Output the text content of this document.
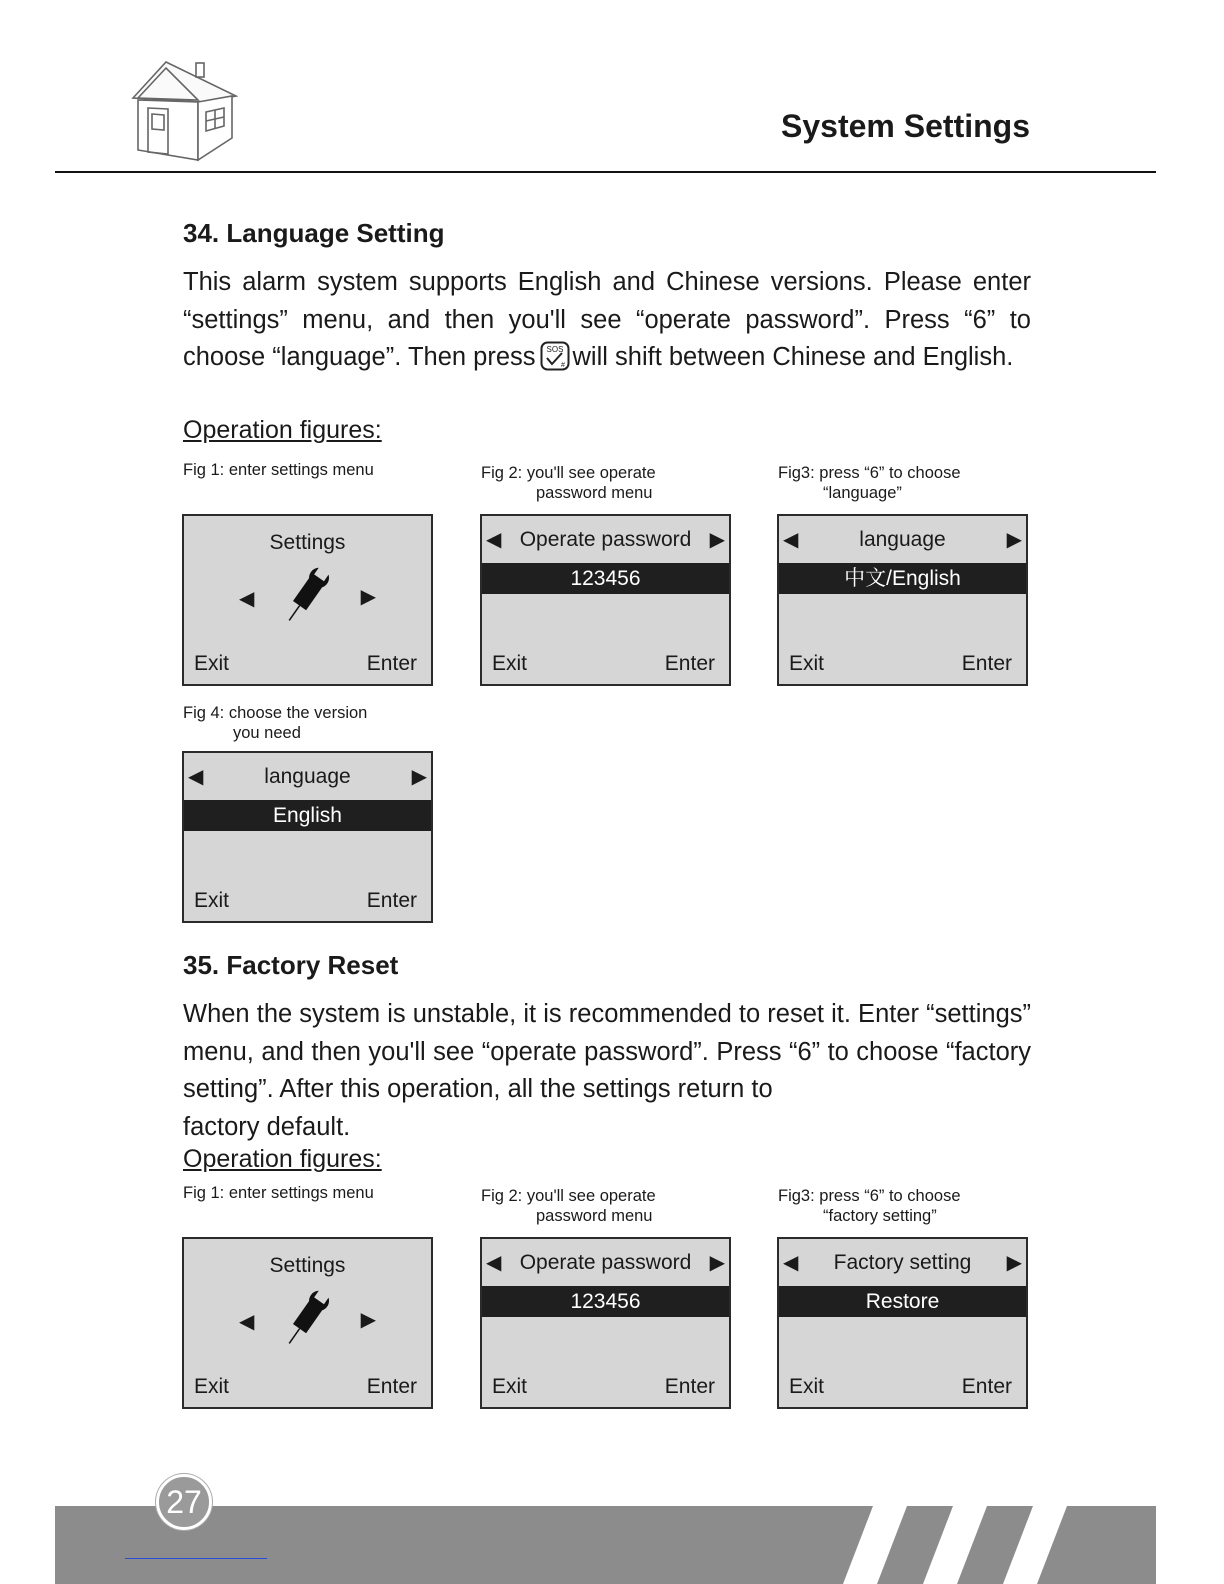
System Settings
34. Language Setting

This alarm system supports English and Chinese versions. Please enter “settings” menu, and then you'll see “operate password”. Press “6” to choose “language”. Then press SOS
# will shift between Chinese and English.

Operation figures:
Fig 1: enter settings menu	Fig 2: you'll see operate
password menu
Fig3: press “6” to choose
“language”
Settings
◀	▶
Exit	Enter
◀ Operate password ▶
123456
Exit	Enter
◀	language	▶
中文/English
Exit	Enter
Fig 4: choose the version
you need
◀	language	▶
English
Exit	Enter
35. Factory Reset

When the system is unstable, it is recommended to reset it. Enter “settings” menu, and then you'll see “operate password”. Press “6” to choose “factory setting”. After this operation, all the settings return to

factory default.

Operation figures:
Fig 1: enter settings menu	Fig 2: you'll see operate
password menu
Fig3: press “6” to choose
“factory setting”
Settings
◀	▶
Exit	Enter
◀ Operate password ▶
123456
Exit	Enter
◀	Factory setting	▶
Restore
Exit	Enter
27
